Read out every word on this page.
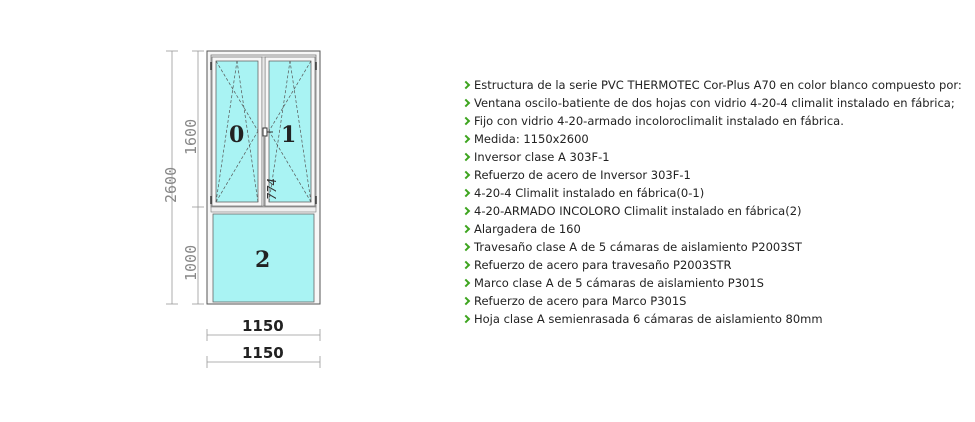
774
0 1
2
2600
1600
1000
1150
1150
Estructura de la serie PVC THERMOTEC Cor-Plus A70 en color blanco compuesto por:
Ventana oscilo-batiente de dos hojas con vidrio 4-20-4 climalit instalado en fábrica;
Fijo con vidrio 4-20-armado incoloroclimalit instalado en fábrica.
Medida: 1150x2600
Inversor clase A 303F-1
Refuerzo de acero de Inversor 303F-1
4-20-4 Climalit instalado en fábrica(0-1)
4-20-ARMADO INCOLORO Climalit instalado en fábrica(2)
Alargadera de 160
Travesaño clase A de 5 cámaras de aislamiento P2003ST
Refuerzo de acero para travesaño P2003STR
Marco clase A de 5 cámaras de aislamiento P301S
Refuerzo de acero para Marco P301S
Hoja clase A semienrasada 6 cámaras de aislamiento 80mm
